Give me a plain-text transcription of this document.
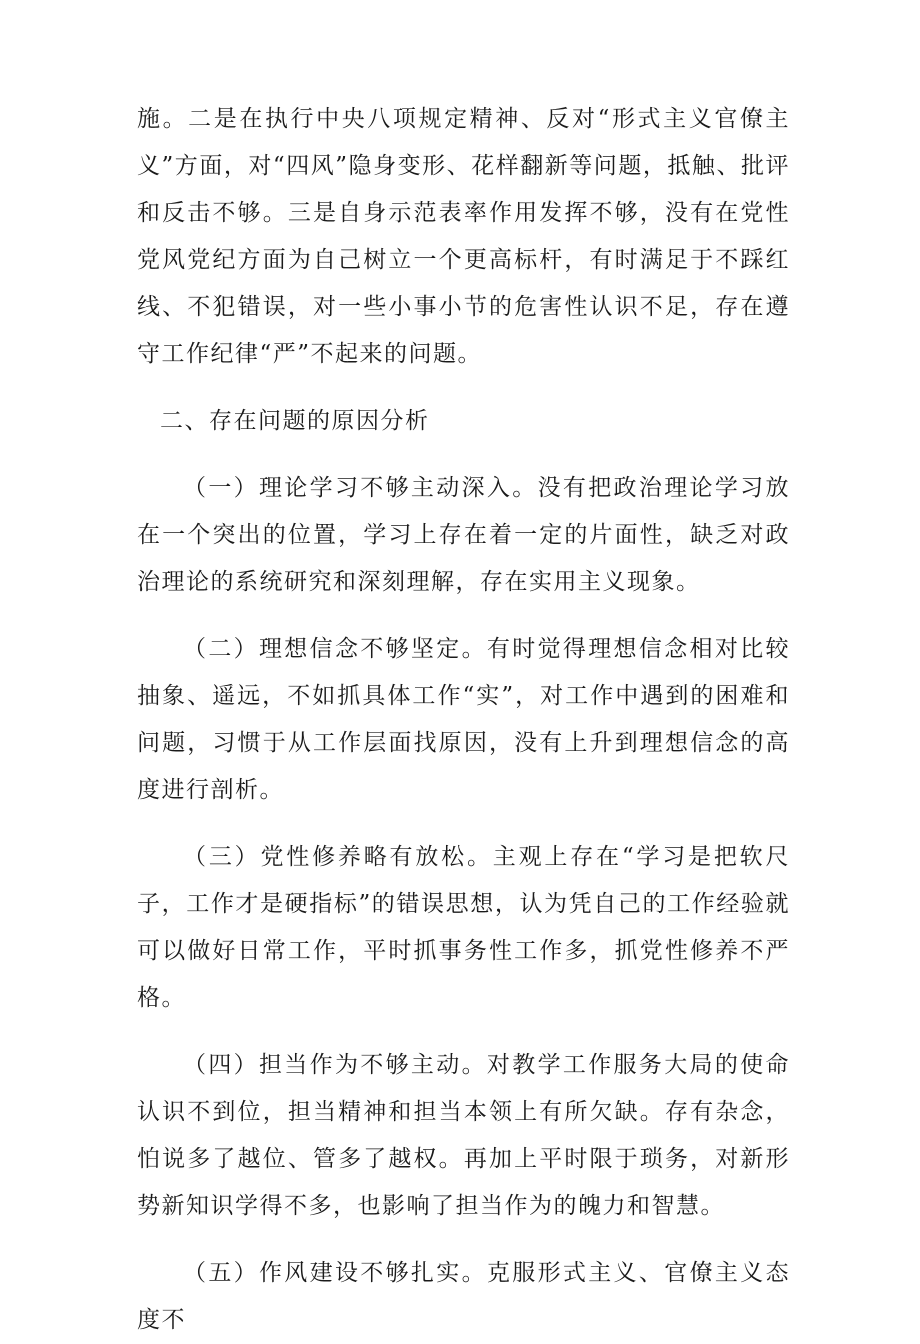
施。二是在执行中央八项规定精神、反对“形式主义官僚主义”方面，对“四风”隐身变形、花样翻新等问题，抵触、批评和反击不够。三是自身示范表率作用发挥不够，没有在党性党风党纪方面为自己树立一个更高标杆，有时满足于不踩红线、不犯错误，对一些小事小节的危害性认识不足，存在遵守工作纪律“严”不起来的问题。

二、存在问题的原因分析

（一）理论学习不够主动深入。没有把政治理论学习放在一个突出的位置，学习上存在着一定的片面性，缺乏对政治理论的系统研究和深刻理解，存在实用主义现象。

（二）理想信念不够坚定。有时觉得理想信念相对比较抽象、遥远，不如抓具体工作“实”，对工作中遇到的困难和问题，习惯于从工作层面找原因，没有上升到理想信念的高度进行剖析。

（三）党性修养略有放松。主观上存在“学习是把软尺子，工作才是硬指标”的错误思想，认为凭自己的工作经验就可以做好日常工作，平时抓事务性工作多，抓党性修养不严格。

（四）担当作为不够主动。对教学工作服务大局的使命认识不到位，担当精神和担当本领上有所欠缺。存有杂念，怕说多了越位、管多了越权。再加上平时限于琐务，对新形势新知识学得不多，也影响了担当作为的魄力和智慧。

（五）作风建设不够扎实。克服形式主义、官僚主义态度不
